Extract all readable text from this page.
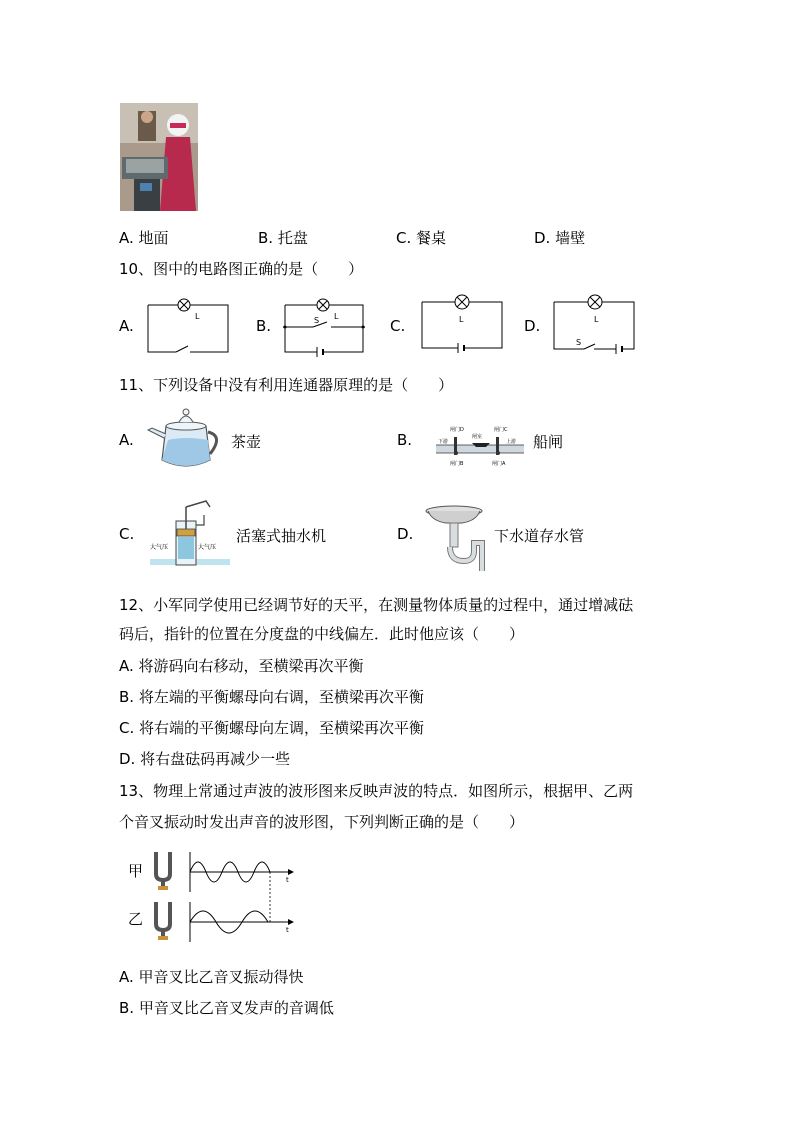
A. 地面	B. 托盘	C. 餐桌	D. 墙壁
10、图中的电路图正确的是（　　）
A.
L
B.	S L
C.	L	D.
S
L
11、下列设备中没有利用连通器原理的是（　　）
A.	茶壶	B.
闸门D	闸门C
闸室
下游	上游
闸门B	闸门A
船闸
C.
大气压	大气压
活塞式抽水机	D.	下水道存水管
12、小军同学使用已经调节好的天平，在测量物体质量的过程中，通过增减砝
码后，指针的位置在分度盘的中线偏左．此时他应该（　　）
A. 将游码向右移动，至横梁再次平衡
B. 将左端的平衡螺母向右调，至横梁再次平衡
C. 将右端的平衡螺母向左调，至横梁再次平衡
D. 将右盘砝码再减少一些
13、物理上常通过声波的波形图来反映声波的特点．如图所示，根据甲、乙两
个音叉振动时发出声音的波形图，下列判断正确的是（　　）
甲
乙
t
t
A. 甲音叉比乙音叉振动得快
B. 甲音叉比乙音叉发声的音调低
